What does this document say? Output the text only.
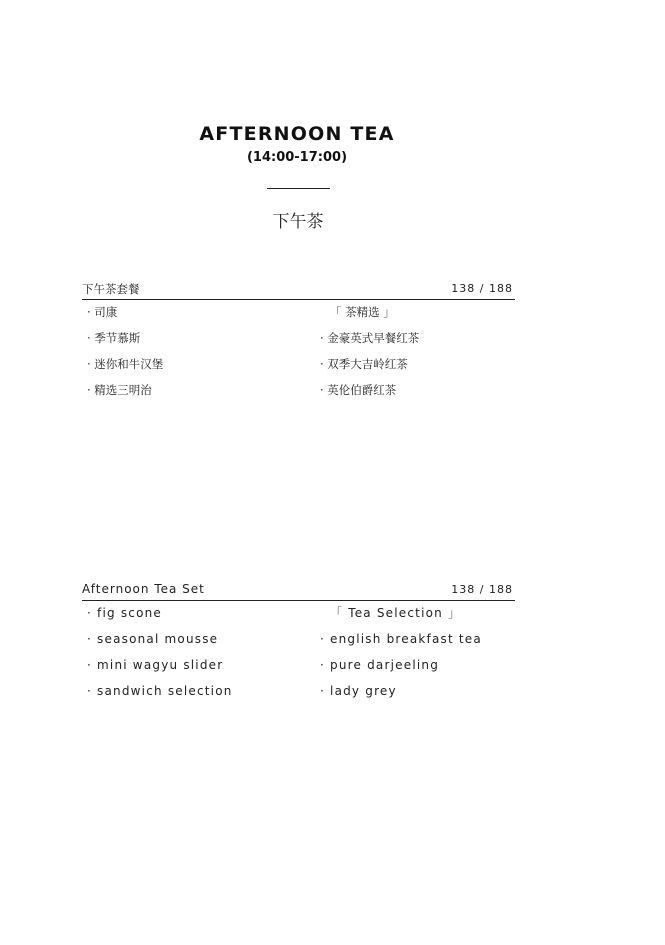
AFTERNOON TEA
(14:00-17:00)
下午茶
下午茶套餐	138 / 188
· 司康
· 季节慕斯
· 迷你和牛汉堡
· 精选三明治
「 茶精选 」
· 金豪英式早餐红茶
· 双季大吉岭红茶
· 英伦伯爵红茶
Afternoon Tea Set	138 / 188
· fig scone
· seasonal mousse
· mini wagyu slider
· sandwich selection
「 Tea Selection 」
· english breakfast tea
· pure darjeeling
· lady grey
